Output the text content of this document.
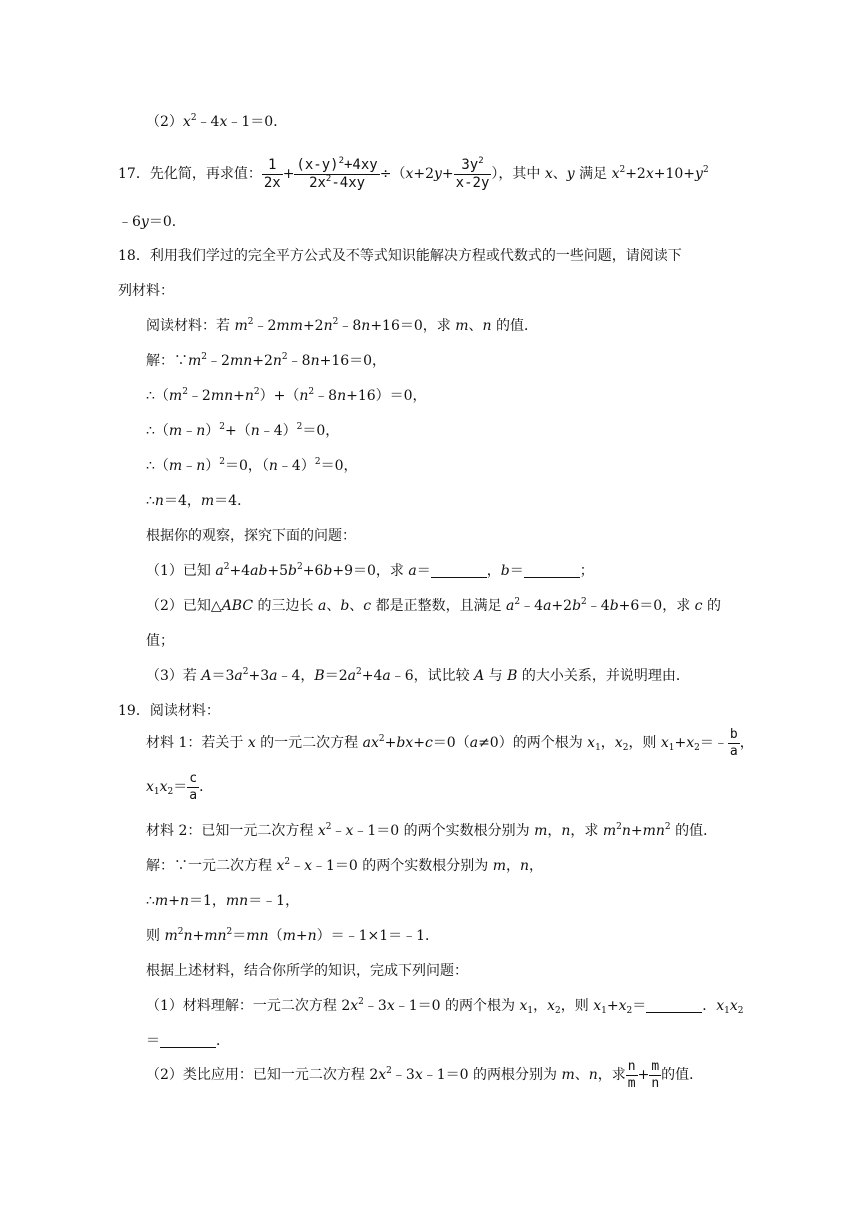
$(2)x^2﹣4x﹣1=0$．
17．先化简，再求值： $\frac{1}{2x} + \frac{(x-y)^2+4xy}{2x^2-4xy} \div(x+2y+ \frac{3y^2}{x-2y}$ ），其中 x、y 满足 $x^2+2x+10+y^2$
﹣6y＝0．
18．利用我们学过的完全平方公式及不等式知识能解决方程或代数式的一些问题，请阅读下
列材料：
阅读材料：若 $m^2﹣2mm+2n^2﹣8n+16=0$，求 m、n 的值．
解：$\because m^2﹣2mn+2n^2﹣8n+16=0$，
$\therefore(m^2﹣2mn+n^2)+(n^2﹣8n+16)=0$，
∴（m﹣n）$^2$+（n﹣4）$^2$＝0，
∴（m﹣n）$^2$＝0，（n﹣4）$^2$＝0，
∴n＝4，m＝4．
根据你的观察，探究下面的问题：
（1）已知 $a^2+4ab+5b^2+6b+9=0$，求 a＝	，b＝	；
（2）已知△ABC 的三边长 a、b、c 都是正整数，且满足 $a^2﹣4a+2b^2﹣4b+6=0$，求 c 的
值；
（3）若 $A=3a^2+3a﹣4$，$B=2a^2+4a﹣6$，试比较 A 与 B 的大小关系，并说明理由．
19．阅读材料：
材料 1：若关于 x 的一元二次方程 $ax^2+bx+c=0(a\ne 0)$的两个根为 $x_1$，$x_2$，则 $x_1+x_2=﹣ \frac{b}{a}$ ，
$x_1x_2= \frac{c}{a}$ ．
材料 2：已知一元二次方程 $x^2﹣x﹣1=0$ 的两个实数根分别为 m，n，求 $m^2n+mn^2$ 的值．
解：∵一元二次方程 $x^2﹣x﹣1=0$ 的两个实数根分别为 m，n，
∴m+n＝1，mn＝﹣1，
则 $m^2n+mn^2=mn(m+n)=﹣1\times 1=﹣1$．
根据上述材料，结合你所学的知识，完成下列问题：
（1）材料理解：一元二次方程 $2x^2﹣3x﹣1=0$ 的两个根为 $x_1$，$x_2$，则 $x_1+x_2=$	．$x_1x_2$
＝	．
（2）类比应用：已知一元二次方程 $2x^2﹣3x﹣1=0$ 的两根分别为 m、n，求 $\frac{n}{m} + \frac{m}{n}$ 的值．
